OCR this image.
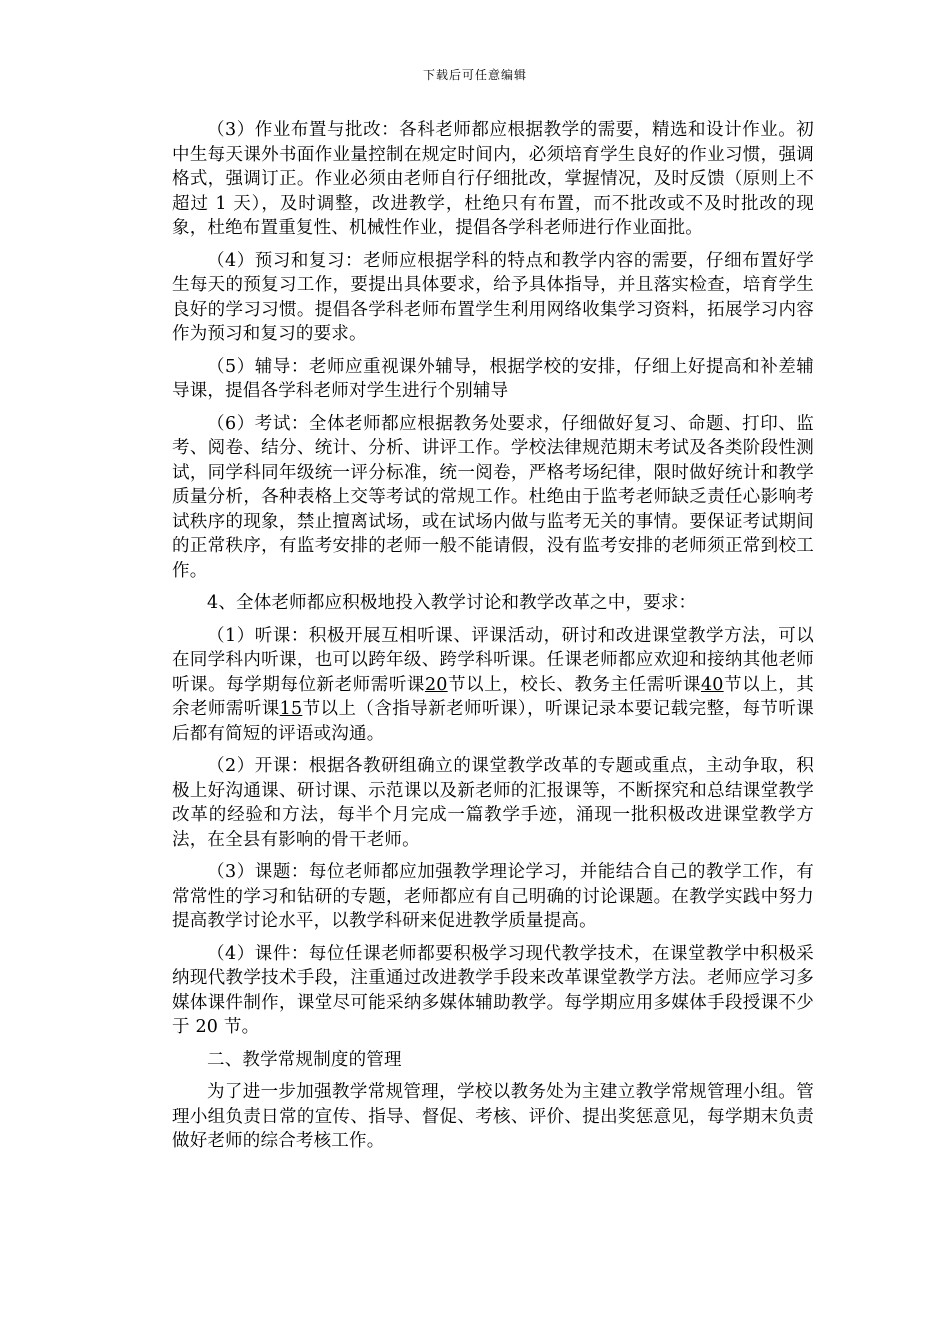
下载后可任意编辑

（3）作业布置与批改：各科老师都应根据教学的需要，精选和设计作业。初中生每天课外书面作业量控制在规定时间内，必须培育学生良好的作业习惯，强调格式，强调订正。作业必须由老师自行仔细批改，掌握情况，及时反馈（原则上不超过 1 天），及时调整，改进教学，杜绝只有布置，而不批改或不及时批改的现象，杜绝布置重复性、机械性作业，提倡各学科老师进行作业面批。

（4）预习和复习：老师应根据学科的特点和教学内容的需要，仔细布置好学生每天的预复习工作，要提出具体要求，给予具体指导，并且落实检查，培育学生良好的学习习惯。提倡各学科老师布置学生利用网络收集学习资料，拓展学习内容作为预习和复习的要求。

（5）辅导：老师应重视课外辅导，根据学校的安排，仔细上好提高和补差辅导课，提倡各学科老师对学生进行个别辅导

（6）考试：全体老师都应根据教务处要求，仔细做好复习、命题、打印、监考、阅卷、结分、统计、分析、讲评工作。学校法律规范期末考试及各类阶段性测试，同学科同年级统一评分标准，统一阅卷，严格考场纪律，限时做好统计和教学质量分析，各种表格上交等考试的常规工作。杜绝由于监考老师缺乏责任心影响考试秩序的现象，禁止擅离试场，或在试场内做与监考无关的事情。要保证考试期间的正常秩序，有监考安排的老师一般不能请假，没有监考安排的老师须正常到校工作。

4、全体老师都应积极地投入教学讨论和教学改革之中，要求：

（1）听课：积极开展互相听课、评课活动，研讨和改进课堂教学方法，可以在同学科内听课，也可以跨年级、跨学科听课。任课老师都应欢迎和接纳其他老师听课。每学期每位新老师需听课20节以上，校长、教务主任需听课40节以上，其余老师需听课15节以上（含指导新老师听课），听课记录本要记载完整，每节听课后都有简短的评语或沟通。

（2）开课：根据各教研组确立的课堂教学改革的专题或重点，主动争取，积极上好沟通课、研讨课、示范课以及新老师的汇报课等，不断探究和总结课堂教学改革的经验和方法，每半个月完成一篇教学手迹，涌现一批积极改进课堂教学方法，在全县有影响的骨干老师。

（3）课题：每位老师都应加强教学理论学习，并能结合自己的教学工作，有常常性的学习和钻研的专题，老师都应有自己明确的讨论课题。在教学实践中努力提高教学讨论水平，以教学科研来促进教学质量提高。

（4）课件：每位任课老师都要积极学习现代教学技术，在课堂教学中积极采纳现代教学技术手段，注重通过改进教学手段来改革课堂教学方法。老师应学习多媒体课件制作，课堂尽可能采纳多媒体辅助教学。每学期应用多媒体手段授课不少于 20 节。

二、教学常规制度的管理

为了进一步加强教学常规管理，学校以教务处为主建立教学常规管理小组。管理小组负责日常的宣传、指导、督促、考核、评价、提出奖惩意见，每学期末负责做好老师的综合考核工作。
